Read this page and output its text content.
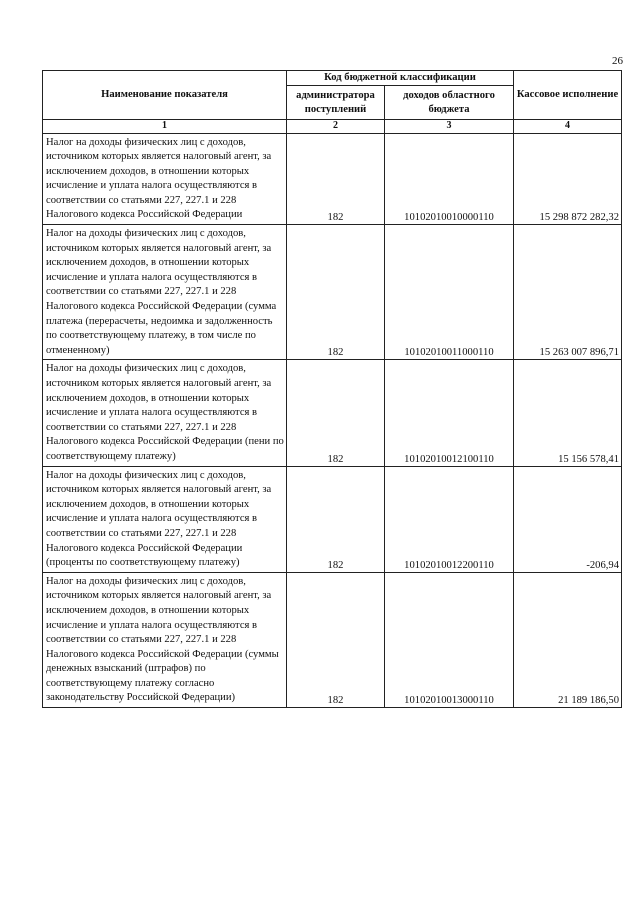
26
Наименование показателя	Код бюджетной классификации		Кассовое исполнение
	администратора поступлений	доходов областного бюджета	
1	2	3	4
Налог на доходы физических лиц с доходов, источником которых является налоговый агент, за исключением доходов, в отношении которых исчисление и уплата налога осуществляются в соответствии со статьями 227, 227.1 и 228 Налогового кодекса Российской Федерации	182	10102010010000110	15 298 872 282,32
Налог на доходы физических лиц с доходов, источником которых является налоговый агент, за исключением доходов, в отношении которых исчисление и уплата налога осуществляются в соответствии со статьями 227, 227.1 и 228 Налогового кодекса Российской Федерации (сумма платежа (перерасчеты, недоимка и задолженность по соответствующему платежу, в том числе по отмененному)	182	10102010011000110	15 263 007 896,71
Налог на доходы физических лиц с доходов, источником которых является налоговый агент, за исключением доходов, в отношении которых исчисление и уплата налога осуществляются в соответствии со статьями 227, 227.1 и 228 Налогового кодекса Российской Федерации (пени по соответствующему платежу)	182	10102010012100110	15 156 578,41
Налог на доходы физических лиц с доходов, источником которых является налоговый агент, за исключением доходов, в отношении которых исчисление и уплата налога осуществляются в соответствии со статьями 227, 227.1 и 228 Налогового кодекса Российской Федерации (проценты по соответствующему платежу)	182	10102010012200110	-206,94
Налог на доходы физических лиц с доходов, источником которых является налоговый агент, за исключением доходов, в отношении которых исчисление и уплата налога осуществляются в соответствии со статьями 227, 227.1 и 228 Налогового кодекса Российской Федерации (суммы денежных взысканий (штрафов) по соответствующему платежу согласно законодательству Российской Федерации)	182	10102010013000110	21 189 186,50
